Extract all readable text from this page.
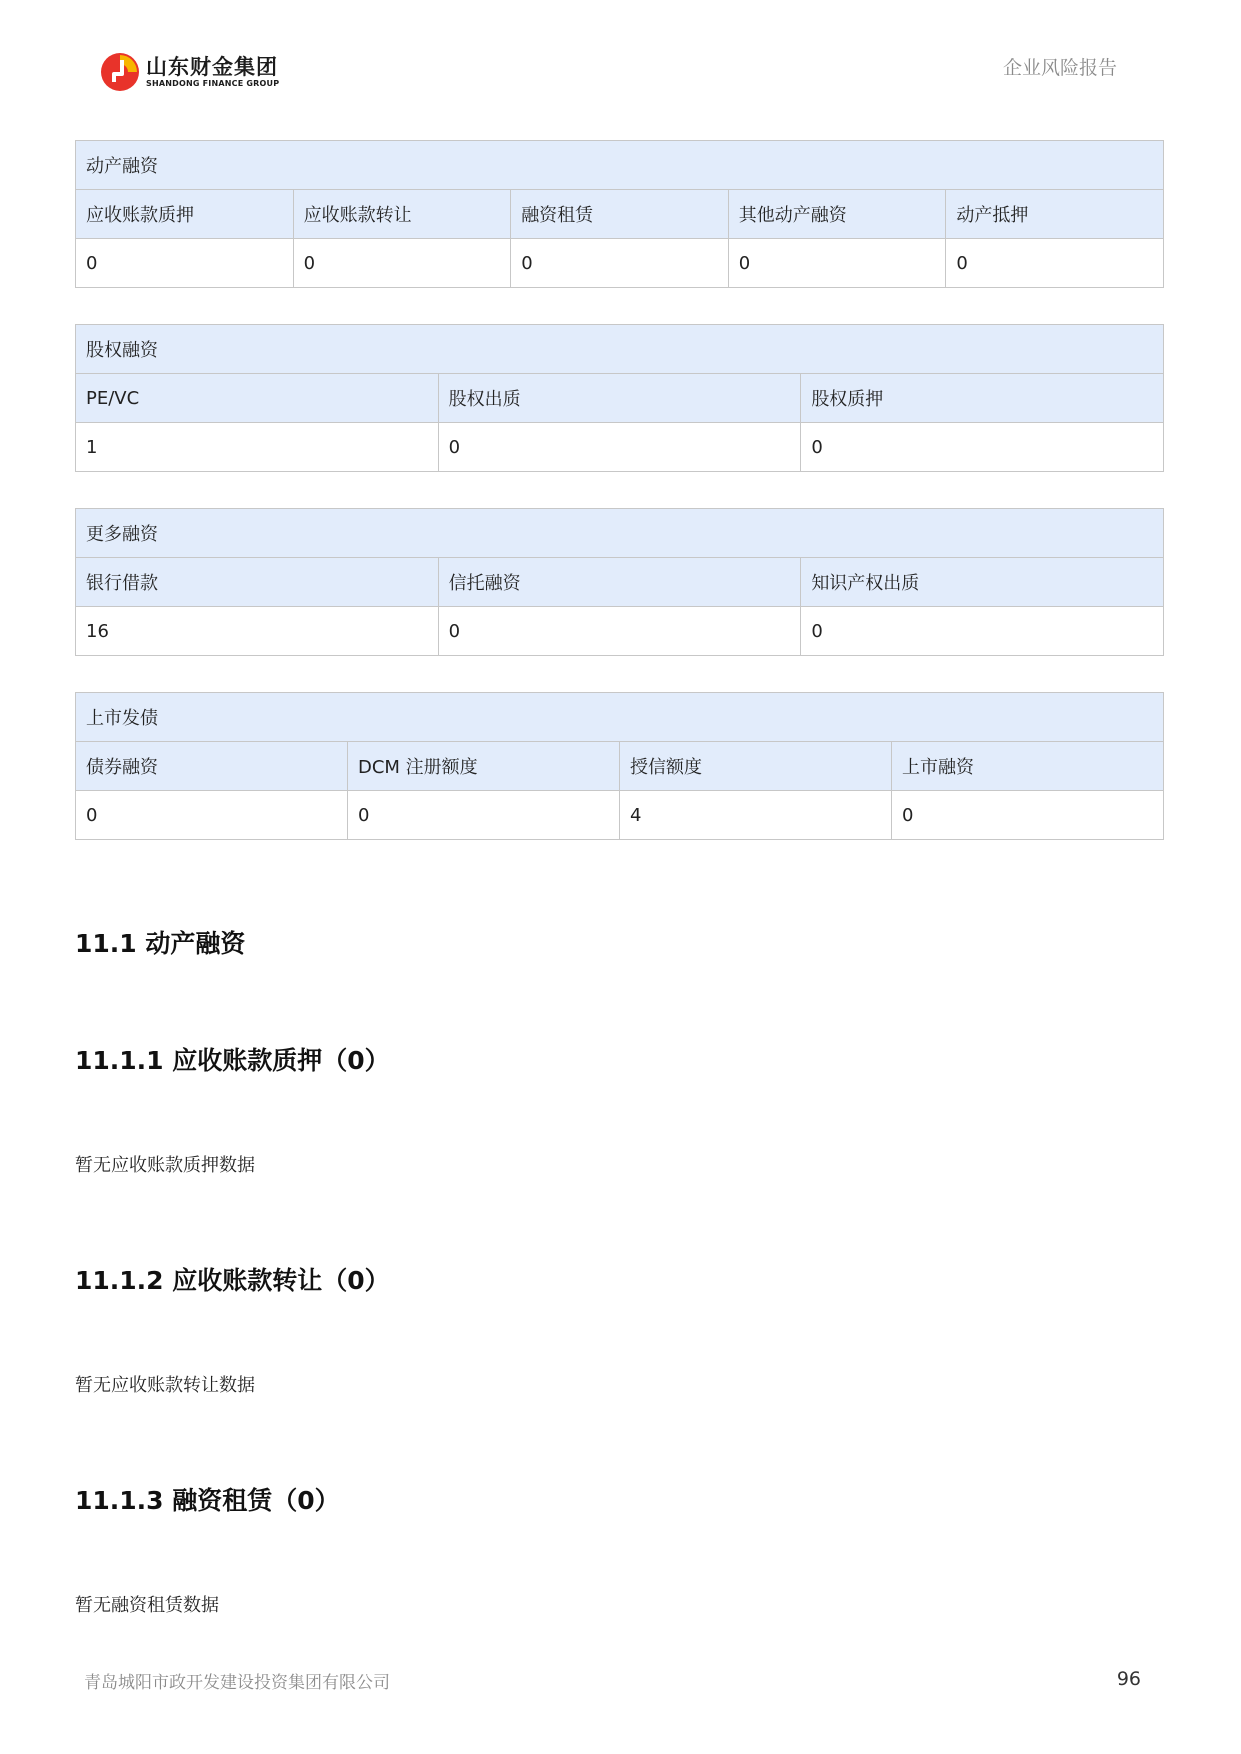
山东财金集团
SHANDONG FINANCE GROUP
企业风险报告
动产融资				
应收账款质押	应收账款转让	融资租赁	其他动产融资	动产抵押
0	0	0	0	0
股权融资		
PE/VC	股权出质	股权质押
1	0	0
更多融资		
银行借款	信托融资	知识产权出质
16	0	0
上市发债			
债券融资	DCM 注册额度	授信额度	上市融资
0	0	4	0
11.1 动产融资
11.1.1 应收账款质押（0）

暂无应收账款质押数据

11.1.2 应收账款转让（0）

暂无应收账款转让数据

11.1.3 融资租赁（0）

暂无融资租赁数据

青岛城阳市政开发建设投资集团有限公司	96
